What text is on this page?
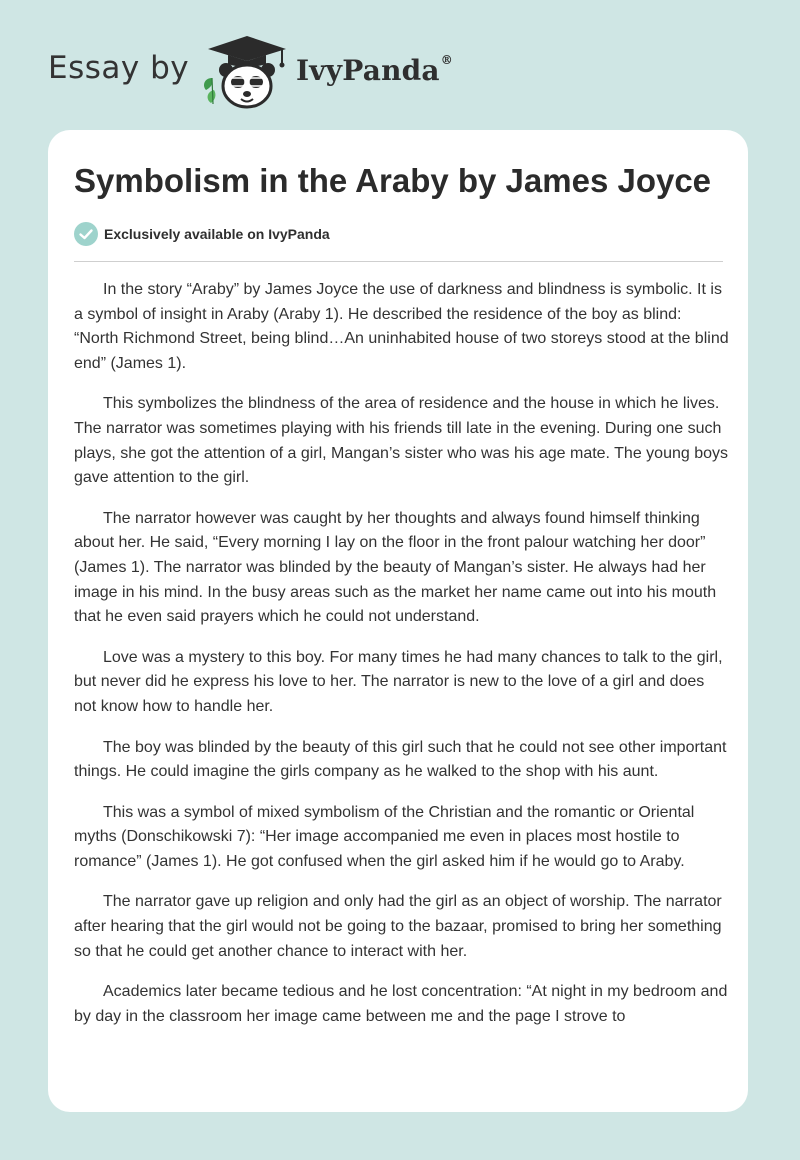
Essay by	IvyPanda®
Symbolism in the Araby by James Joyce
Exclusively available on IvyPanda

In the story “Araby” by James Joyce the use of darkness and blindness is symbolic. It is a symbol of insight in Araby (Araby 1). He described the residence of the boy as blind: “North Richmond Street, being blind…An uninhabited house of two storeys stood at the blind end” (James 1).

This symbolizes the blindness of the area of residence and the house in which he lives. The narrator was sometimes playing with his friends till late in the evening. During one such plays, she got the attention of a girl, Mangan’s sister who was his age mate. The young boys gave attention to the girl.

The narrator however was caught by her thoughts and always found himself thinking about her. He said, “Every morning I lay on the floor in the front palour watching her door” (James 1). The narrator was blinded by the beauty of Mangan’s sister. He always had her image in his mind. In the busy areas such as the market her name came out into his mouth that he even said prayers which he could not understand.

Love was a mystery to this boy. For many times he had many chances to talk to the girl, but never did he express his love to her. The narrator is new to the love of a girl and does not know how to handle her.

The boy was blinded by the beauty of this girl such that he could not see other important things. He could imagine the girls company as he walked to the shop with his aunt.

This was a symbol of mixed symbolism of the Christian and the romantic or Oriental myths (Donschikowski 7): “Her image accompanied me even in places most hostile to romance” (James 1). He got confused when the girl asked him if he would go to Araby.

The narrator gave up religion and only had the girl as an object of worship. The narrator after hearing that the girl would not be going to the bazaar, promised to bring her something so that he could get another chance to interact with her.

Academics later became tedious and he lost concentration: “At night in my bedroom and by day in the classroom her image came between me and the page I strove to
